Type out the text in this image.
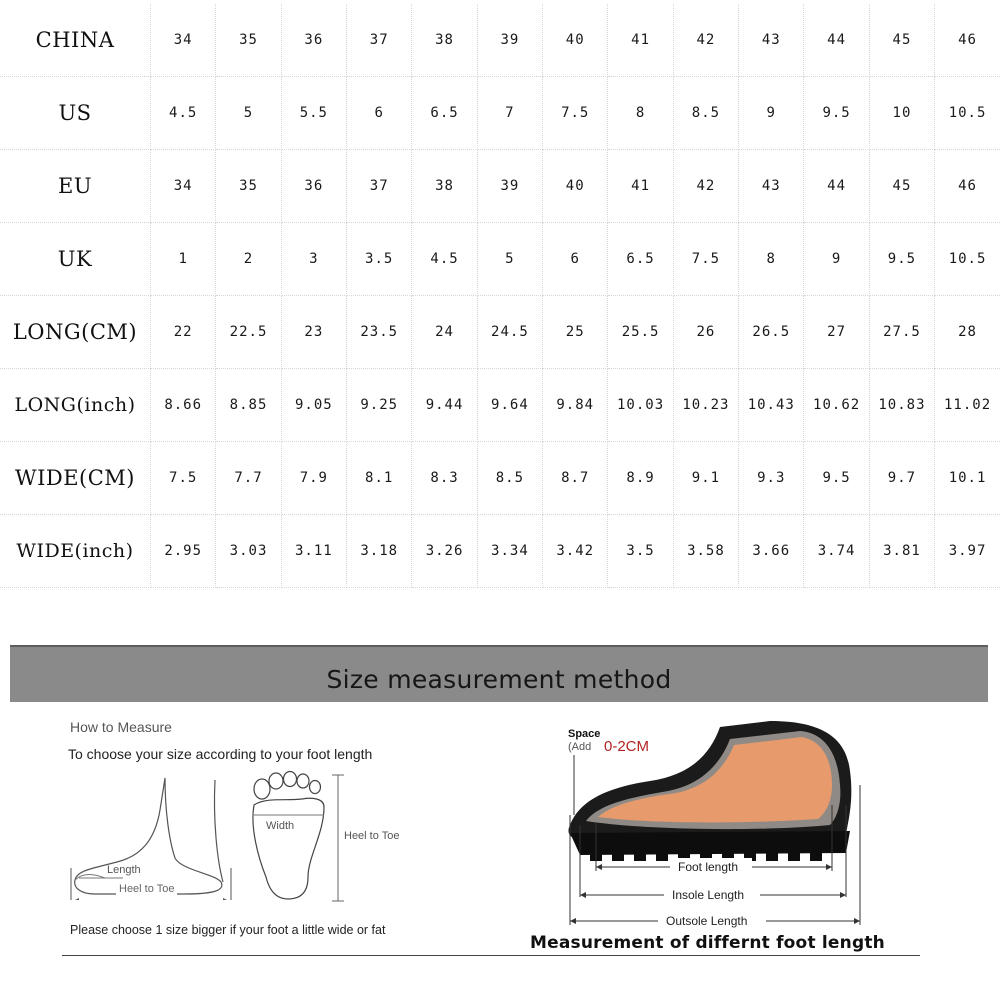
CHINA	34	35	36	37	38	39	40	41	42	43	44	45	46
US	4.5	5	5.5	6	6.5	7	7.5	8	8.5	9	9.5	10	10.5
EU	34	35	36	37	38	39	40	41	42	43	44	45	46
UK	1	2	3	3.5	4.5	5	6	6.5	7.5	8	9	9.5	10.5
LONG(CM)	22	22.5	23	23.5	24	24.5	25	25.5	26	26.5	27	27.5	28
LONG(inch)	8.66	8.85	9.05	9.25	9.44	9.64	9.84	10.03	10.23	10.43	10.62	10.83	11.02
WIDE(CM)	7.5	7.7	7.9	8.1	8.3	8.5	8.7	8.9	9.1	9.3	9.5	9.7	10.1
WIDE(inch)	2.95	3.03	3.11	3.18	3.26	3.34	3.42	3.5	3.58	3.66	3.74	3.81	3.97
Size measurement method
How to Measure
To choose your size according to your foot length
Length
Heel to Toe
Width
Heel to Toe
Please choose 1 size bigger if your foot a little wide or fat
Foot length
Insole Length
Outsole Length
Space
(Add 0-2CM
Measurement of differnt foot length
